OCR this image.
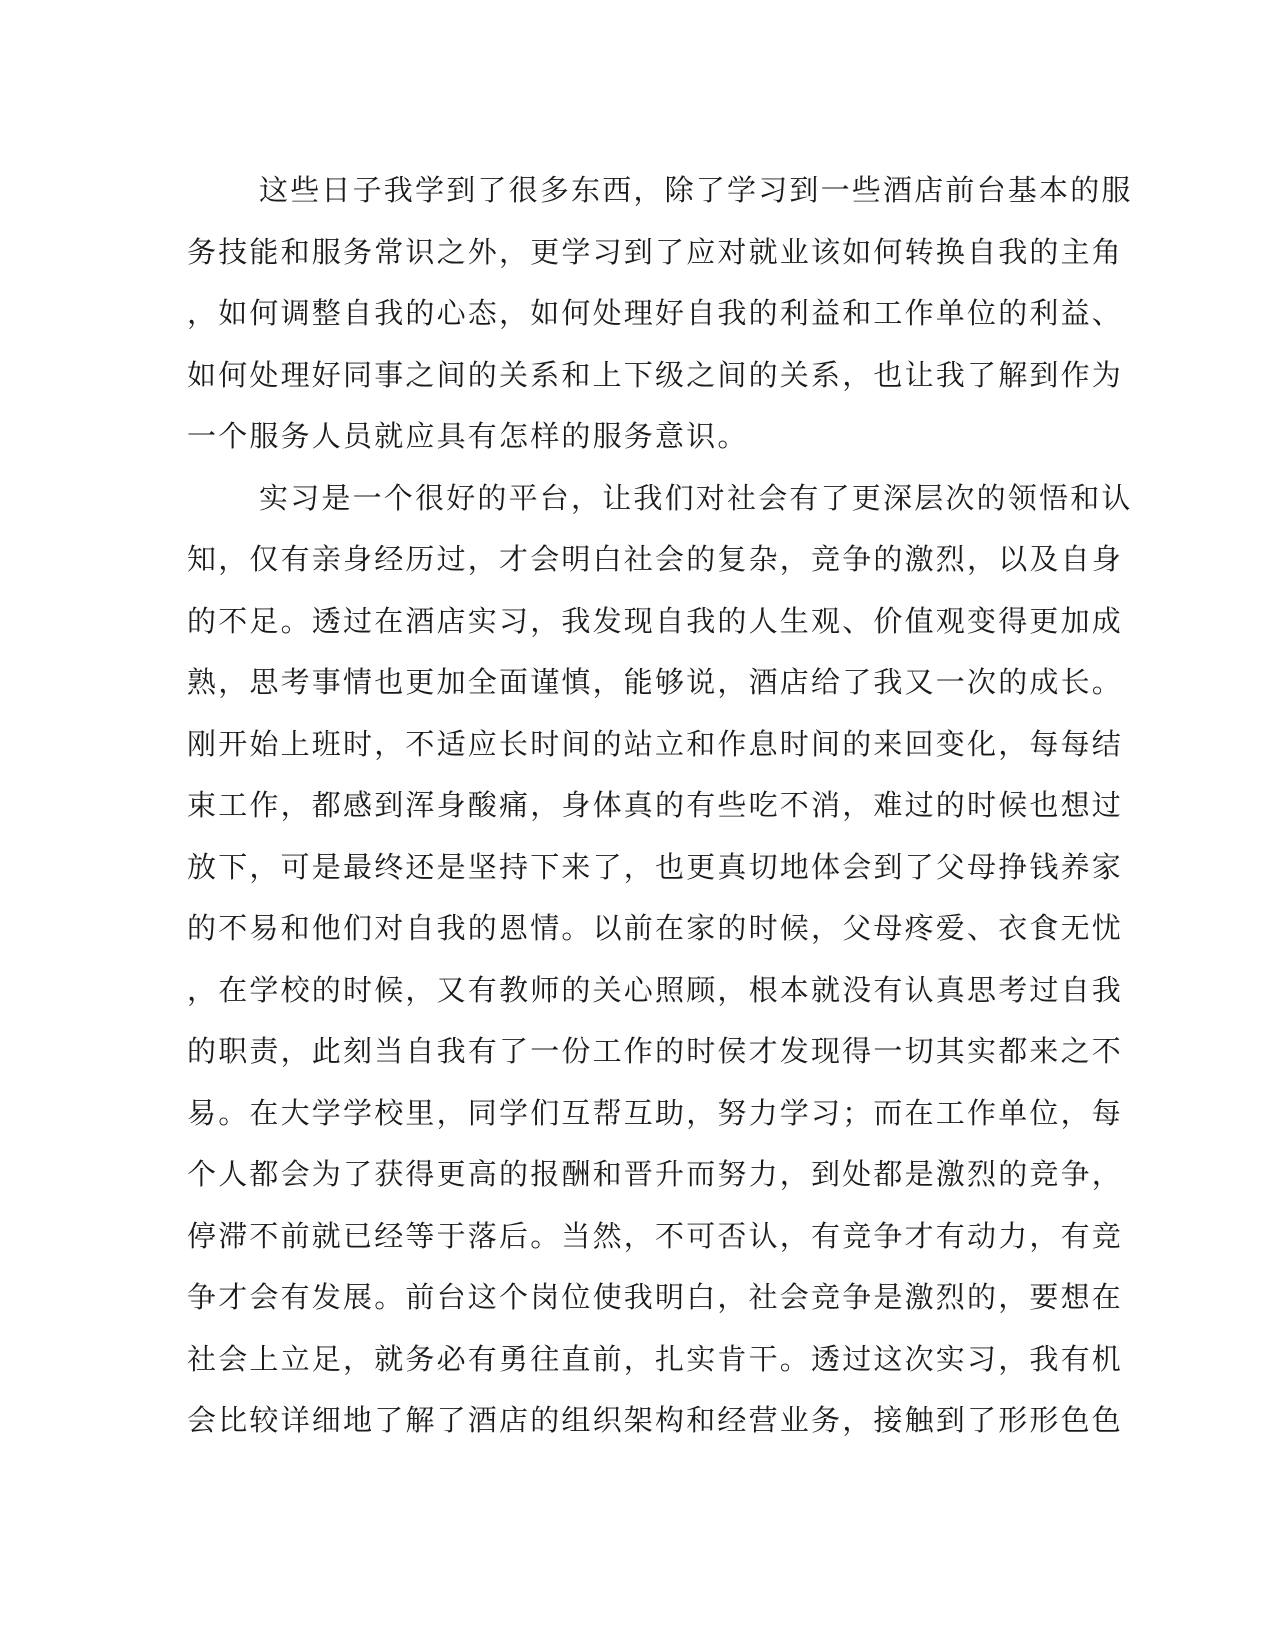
这些日子我学到了很多东西，除了学习到一些酒店前台基本的服
务技能和服务常识之外，更学习到了应对就业该如何转换自我的主角
，如何调整自我的心态，如何处理好自我的利益和工作单位的利益、
如何处理好同事之间的关系和上下级之间的关系，也让我了解到作为
一个服务人员就应具有怎样的服务意识。
实习是一个很好的平台，让我们对社会有了更深层次的领悟和认
知，仅有亲身经历过，才会明白社会的复杂，竞争的激烈，以及自身
的不足。透过在酒店实习，我发现自我的人生观、价值观变得更加成
熟，思考事情也更加全面谨慎，能够说，酒店给了我又一次的成长。
刚开始上班时，不适应长时间的站立和作息时间的来回变化，每每结
束工作，都感到浑身酸痛，身体真的有些吃不消，难过的时候也想过
放下，可是最终还是坚持下来了，也更真切地体会到了父母挣钱养家
的不易和他们对自我的恩情。以前在家的时候，父母疼爱、衣食无忧
，在学校的时候，又有教师的关心照顾，根本就没有认真思考过自我
的职责，此刻当自我有了一份工作的时侯才发现得一切其实都来之不
易。在大学学校里，同学们互帮互助，努力学习；而在工作单位，每
个人都会为了获得更高的报酬和晋升而努力，到处都是激烈的竞争，
停滞不前就已经等于落后。当然，不可否认，有竞争才有动力，有竞
争才会有发展。前台这个岗位使我明白，社会竞争是激烈的，要想在
社会上立足，就务必有勇往直前，扎实肯干。透过这次实习，我有机
会比较详细地了解了酒店的组织架构和经营业务，接触到了形形色色
